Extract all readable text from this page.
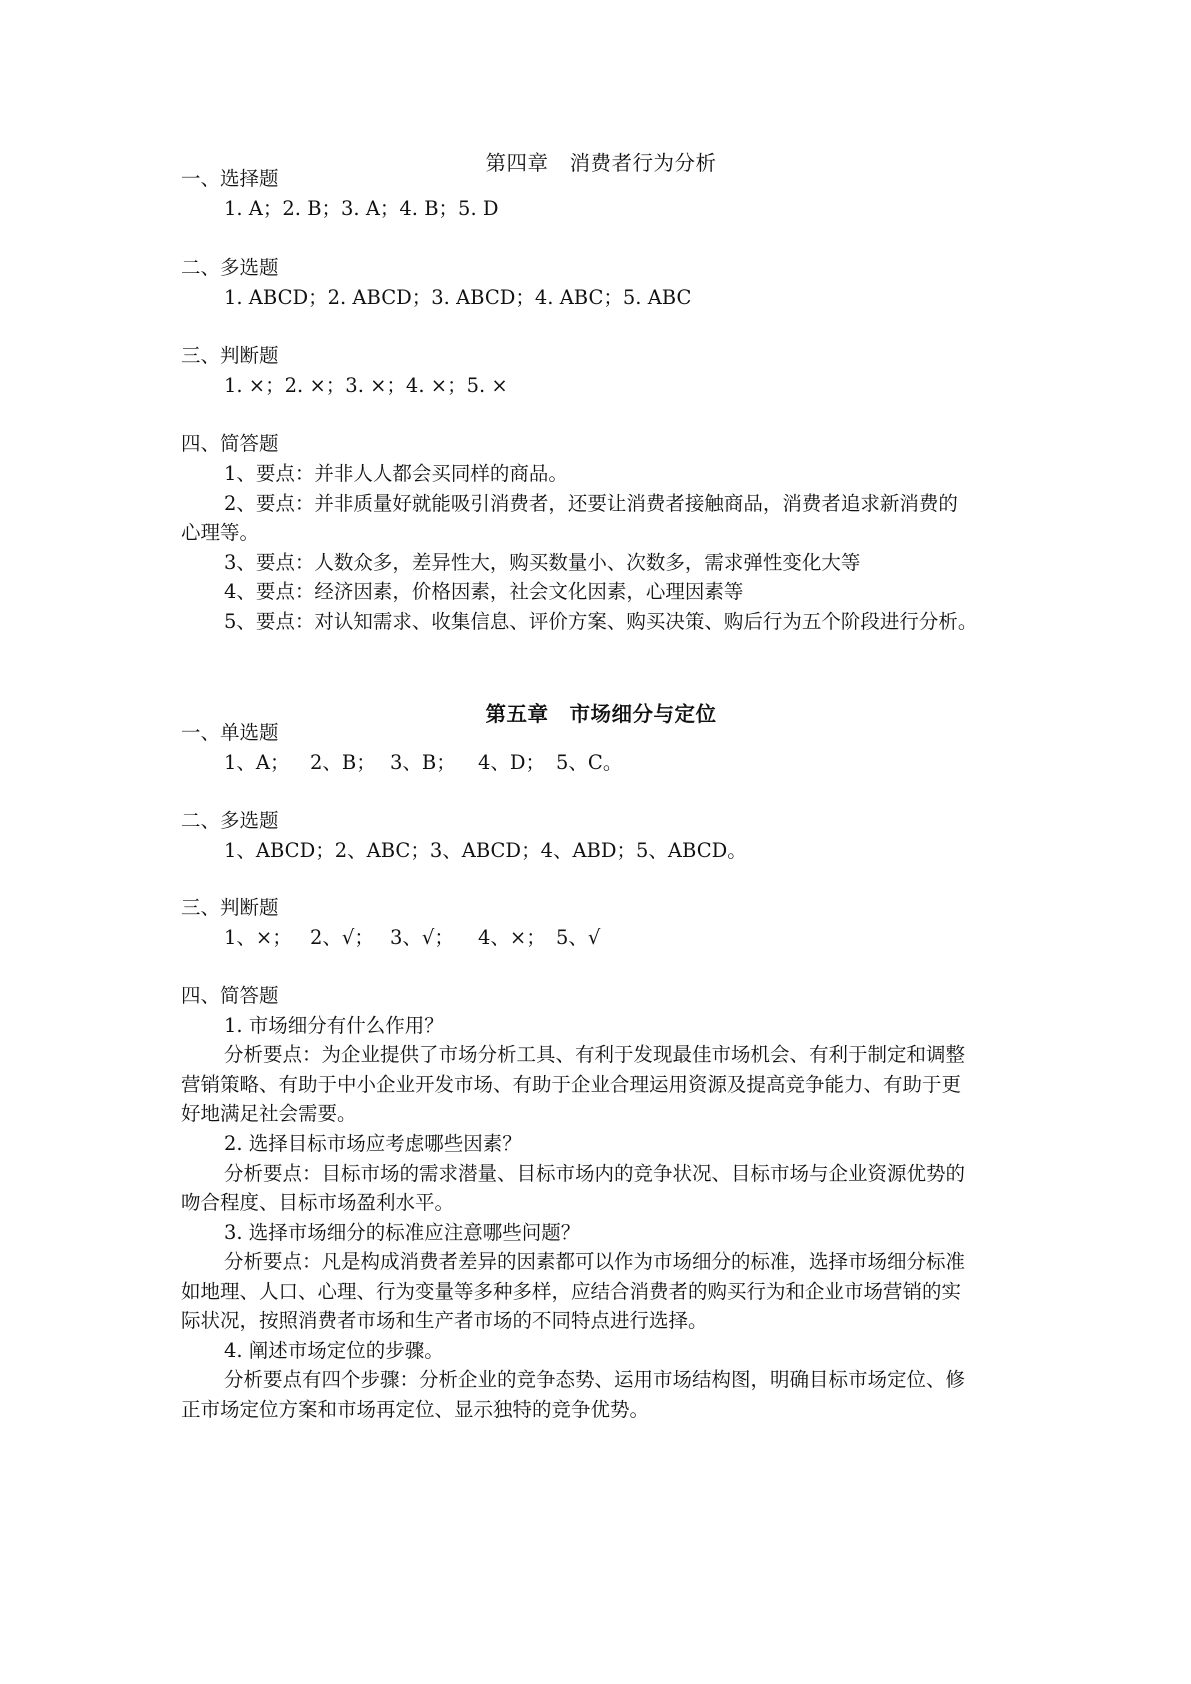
第四章　消费者行为分析
一、选择题
1. A；2. B；3. A；4. B；5. D
二、多选题
1. ABCD；2. ABCD；3. ABCD；4. ABC；5. ABC
三、判断题
1. ×；2. ×；3. ×；4. ×；5. ×
四、简答题
1、要点：并非人人都会买同样的商品。
2、要点：并非质量好就能吸引消费者，还要让消费者接触商品，消费者追求新消费的
心理等。
3、要点：人数众多，差异性大，购买数量小、次数多，需求弹性变化大等
4、要点：经济因素，价格因素，社会文化因素，心理因素等
5、要点：对认知需求、收集信息、评价方案、购买决策、购后行为五个阶段进行分析。
第五章　市场细分与定位
一、单选题
1、A； 2、B； 3、B； 4、D； 5、C。
二、多选题
1、ABCD；2、ABC；3、ABCD；4、ABD；5、ABCD。
三、判断题
1、×； 2、√； 3、√； 4、×； 5、√
四、简答题
1. 市场细分有什么作用？
分析要点：为企业提供了市场分析工具、有利于发现最佳市场机会、有利于制定和调整
营销策略、有助于中小企业开发市场、有助于企业合理运用资源及提高竞争能力、有助于更
好地满足社会需要。
2. 选择目标市场应考虑哪些因素？
分析要点：目标市场的需求潜量、目标市场内的竞争状况、目标市场与企业资源优势的
吻合程度、目标市场盈利水平。
3. 选择市场细分的标准应注意哪些问题？
分析要点：凡是构成消费者差异的因素都可以作为市场细分的标准，选择市场细分标准
如地理、人口、心理、行为变量等多种多样，应结合消费者的购买行为和企业市场营销的实
际状况，按照消费者市场和生产者市场的不同特点进行选择。
4. 阐述市场定位的步骤。
分析要点有四个步骤：分析企业的竞争态势、运用市场结构图，明确目标市场定位、修
正市场定位方案和市场再定位、显示独特的竞争优势。
